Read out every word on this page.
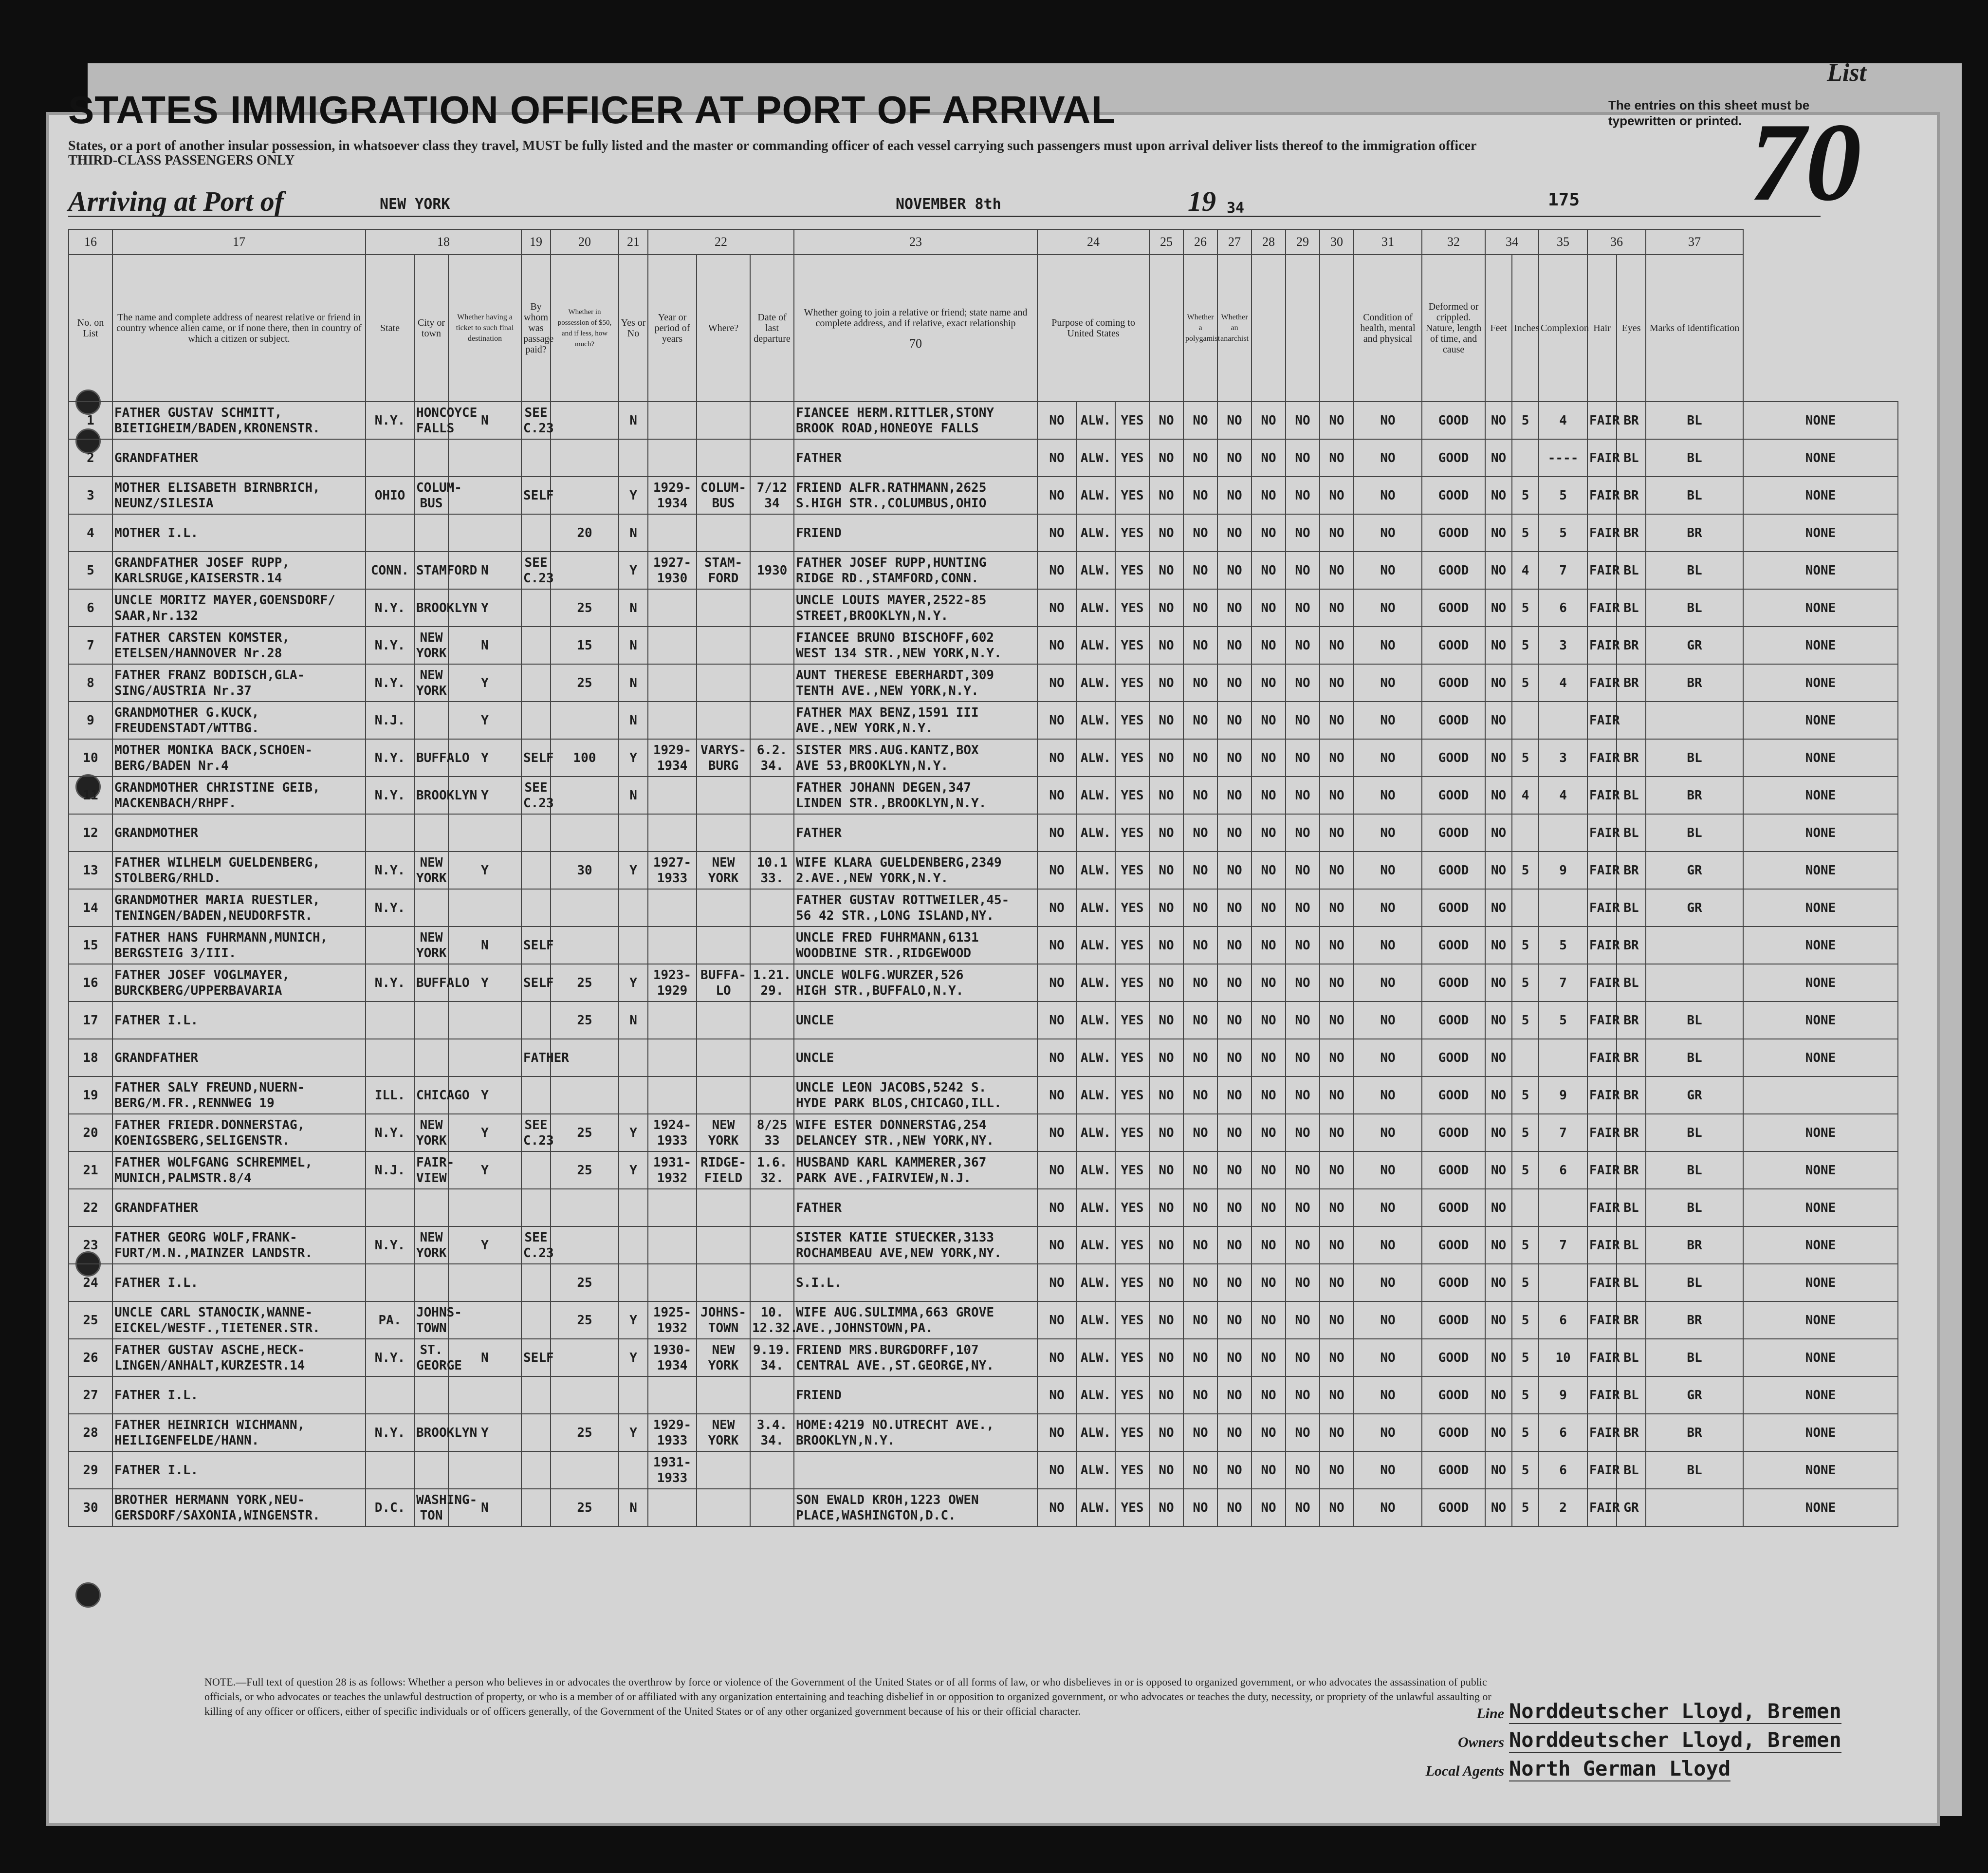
STATES IMMIGRATION OFFICER AT PORT OF ARRIVAL
States, or a port of another insular possession, in whatsoever class they travel, MUST be fully listed and the master or commanding officer of each vessel carrying such passengers must upon arrival deliver lists thereof to the immigration officer
THIRD-CLASS PASSENGERS ONLY
List
The entries on this sheet must be typewritten or printed. 70
Arriving at Port of	NEW YORK	NOVEMBER 8th	19 34	175
16	17	18			19	20	21	22			23	24			25	26	27	28	29	30	31	32	34		35	36		37	
No. on List	The name and complete address of nearest relative or friend in country whence alien came, or if none there, then in country of which a citizen or subject.	State	City or town	Whether having a ticket to such final destination	By whom was passage paid?	Whether in possession of $50, and if less, how much?	Yes or No	Year or period of years	Where?	Date of last departure	Whether going to join a relative or friend; state name and complete address, and if relative, exact relationship
70	Purpose of coming to United States				Whether a polygamist	Whether an anarchist				Condition of health, mental and physical	Deformed or crippled. Nature, length of time, and cause	Feet	Inches	Complexion	Hair	Eyes	Marks of identification	
1	FATHER GUSTAV SCHMITT,
BIETIGHEIM/BADEN,KRONENSTR.	N.Y.	HONCOYCE
FALLS	N	SEE C.23		N				FIANCEE HERM.RITTLER,STONY
BROOK ROAD,HONEOYE FALLS	NO	ALW.	YES	NO	NO	NO	NO	NO	NO	NO	GOOD	NO	5	4	FAIR	BR	BL	NONE
2	GRANDFATHER										FATHER	NO	ALW.	YES	NO	NO	NO	NO	NO	NO	NO	GOOD	NO		----	FAIR	BL	BL	NONE
3	MOTHER ELISABETH BIRNBRICH,
NEUNZ/SILESIA	OHIO	COLUM-
BUS		SELF		Y	1929-
1934	COLUM-
BUS	7/12
34	FRIEND ALFR.RATHMANN,2625
S.HIGH STR.,COLUMBUS,OHIO	NO	ALW.	YES	NO	NO	NO	NO	NO	NO	NO	GOOD	NO	5	5	FAIR	BR	BL	NONE
4	MOTHER I.L.					20	N				FRIEND	NO	ALW.	YES	NO	NO	NO	NO	NO	NO	NO	GOOD	NO	5	5	FAIR	BR	BR	NONE
5	GRANDFATHER JOSEF RUPP,
KARLSRUGE,KAISERSTR.14	CONN.	STAMFORD	N	SEE C.23		Y	1927-
1930	STAM-
FORD	1930	FATHER JOSEF RUPP,HUNTING
RIDGE RD.,STAMFORD,CONN.	NO	ALW.	YES	NO	NO	NO	NO	NO	NO	NO	GOOD	NO	4	7	FAIR	BL	BL	NONE
6	UNCLE MORITZ MAYER,GOENSDORF/
SAAR,Nr.132	N.Y.	BROOKLYN	Y		25	N				UNCLE LOUIS MAYER,2522-85
STREET,BROOKLYN,N.Y.	NO	ALW.	YES	NO	NO	NO	NO	NO	NO	NO	GOOD	NO	5	6	FAIR	BL	BL	NONE
7	FATHER CARSTEN KOMSTER,
ETELSEN/HANNOVER Nr.28	N.Y.	NEW YORK	N		15	N				FIANCEE BRUNO BISCHOFF,602
WEST 134 STR.,NEW YORK,N.Y.	NO	ALW.	YES	NO	NO	NO	NO	NO	NO	NO	GOOD	NO	5	3	FAIR	BR	GR	NONE
8	FATHER FRANZ BODISCH,GLA-
SING/AUSTRIA Nr.37	N.Y.	NEW YORK	Y		25	N				AUNT THERESE EBERHARDT,309
TENTH AVE.,NEW YORK,N.Y.	NO	ALW.	YES	NO	NO	NO	NO	NO	NO	NO	GOOD	NO	5	4	FAIR	BR	BR	NONE
9	GRANDMOTHER G.KUCK,
FREUDENSTADT/WTTBG.	N.J.		Y			N				FATHER MAX BENZ,1591 III
AVE.,NEW YORK,N.Y.	NO	ALW.	YES	NO	NO	NO	NO	NO	NO	NO	GOOD	NO			FAIR			NONE
10	MOTHER MONIKA BACK,SCHOEN-
BERG/BADEN Nr.4	N.Y.	BUFFALO	Y	SELF	100	Y	1929-
1934	VARYS-
BURG	6.2.
34.	SISTER MRS.AUG.KANTZ,BOX
AVE 53,BROOKLYN,N.Y.	NO	ALW.	YES	NO	NO	NO	NO	NO	NO	NO	GOOD	NO	5	3	FAIR	BR	BL	NONE
11	GRANDMOTHER CHRISTINE GEIB,
MACKENBACH/RHPF.	N.Y.	BROOKLYN	Y	SEE C.23		N				FATHER JOHANN DEGEN,347
LINDEN STR.,BROOKLYN,N.Y.	NO	ALW.	YES	NO	NO	NO	NO	NO	NO	NO	GOOD	NO	4	4	FAIR	BL	BR	NONE
12	GRANDMOTHER										FATHER	NO	ALW.	YES	NO	NO	NO	NO	NO	NO	NO	GOOD	NO			FAIR	BL	BL	NONE
13	FATHER WILHELM GUELDENBERG,
STOLBERG/RHLD.	N.Y.	NEW YORK	Y		30	Y	1927-
1933	NEW
YORK	10.1
33.	WIFE KLARA GUELDENBERG,2349
2.AVE.,NEW YORK,N.Y.	NO	ALW.	YES	NO	NO	NO	NO	NO	NO	NO	GOOD	NO	5	9	FAIR	BR	GR	NONE
14	GRANDMOTHER MARIA RUESTLER,
TENINGEN/BADEN,NEUDORFSTR.	N.Y.									FATHER GUSTAV ROTTWEILER,45-
56 42 STR.,LONG ISLAND,NY.	NO	ALW.	YES	NO	NO	NO	NO	NO	NO	NO	GOOD	NO			FAIR	BL	GR	NONE
15	FATHER HANS FUHRMANN,MUNICH,
BERGSTEIG 3/III.		NEW YORK	N	SELF						UNCLE FRED FUHRMANN,6131
WOODBINE STR.,RIDGEWOOD	NO	ALW.	YES	NO	NO	NO	NO	NO	NO	NO	GOOD	NO	5	5	FAIR	BR		NONE
16	FATHER JOSEF VOGLMAYER,
BURCKBERG/UPPERBAVARIA	N.Y.	BUFFALO	Y	SELF	25	Y	1923-
1929	BUFFA-
LO	1.21.
29.	UNCLE WOLFG.WURZER,526
HIGH STR.,BUFFALO,N.Y.	NO	ALW.	YES	NO	NO	NO	NO	NO	NO	NO	GOOD	NO	5	7	FAIR	BL		NONE
17	FATHER I.L.					25	N				UNCLE	NO	ALW.	YES	NO	NO	NO	NO	NO	NO	NO	GOOD	NO	5	5	FAIR	BR	BL	NONE
18	GRANDFATHER				FATHER						UNCLE	NO	ALW.	YES	NO	NO	NO	NO	NO	NO	NO	GOOD	NO			FAIR	BR	BL	NONE
19	FATHER SALY FREUND,NUERN-
BERG/M.FR.,RENNWEG 19	ILL.	CHICAGO	Y							UNCLE LEON JACOBS,5242 S.
HYDE PARK BLOS,CHICAGO,ILL.	NO	ALW.	YES	NO	NO	NO	NO	NO	NO	NO	GOOD	NO	5	9	FAIR	BR	GR	
20	FATHER FRIEDR.DONNERSTAG,
KOENIGSBERG,SELIGENSTR.	N.Y.	NEW YORK	Y	SEE C.23	25	Y	1924-
1933	NEW
YORK	8/25
33	WIFE ESTER DONNERSTAG,254
DELANCEY STR.,NEW YORK,NY.	NO	ALW.	YES	NO	NO	NO	NO	NO	NO	NO	GOOD	NO	5	7	FAIR	BR	BL	NONE
21	FATHER WOLFGANG SCHREMMEL,
MUNICH,PALMSTR.8/4	N.J.	FAIR-
VIEW	Y		25	Y	1931-
1932	RIDGE-
FIELD	1.6.
32.	HUSBAND KARL KAMMERER,367
PARK AVE.,FAIRVIEW,N.J.	NO	ALW.	YES	NO	NO	NO	NO	NO	NO	NO	GOOD	NO	5	6	FAIR	BR	BL	NONE
22	GRANDFATHER										FATHER	NO	ALW.	YES	NO	NO	NO	NO	NO	NO	NO	GOOD	NO			FAIR	BL	BL	NONE
23	FATHER GEORG WOLF,FRANK-
FURT/M.N.,MAINZER LANDSTR.	N.Y.	NEW YORK	Y	SEE C.23						SISTER KATIE STUECKER,3133
ROCHAMBEAU AVE,NEW YORK,NY.	NO	ALW.	YES	NO	NO	NO	NO	NO	NO	NO	GOOD	NO	5	7	FAIR	BL	BR	NONE
24	FATHER I.L.					25					S.I.L.	NO	ALW.	YES	NO	NO	NO	NO	NO	NO	NO	GOOD	NO	5		FAIR	BL	BL	NONE
25	UNCLE CARL STANOCIK,WANNE-
EICKEL/WESTF.,TIETENER.STR.	PA.	JOHNS-
TOWN			25	Y	1925-
1932	JOHNS-
TOWN	10.
12.32.	WIFE AUG.SULIMMA,663 GROVE
AVE.,JOHNSTOWN,PA.	NO	ALW.	YES	NO	NO	NO	NO	NO	NO	NO	GOOD	NO	5	6	FAIR	BR	BR	NONE
26	FATHER GUSTAV ASCHE,HECK-
LINGEN/ANHALT,KURZESTR.14	N.Y.	ST.
GEORGE	N	SELF		Y	1930-
1934	NEW
YORK	9.19.
34.	FRIEND MRS.BURGDORFF,107
CENTRAL AVE.,ST.GEORGE,NY.	NO	ALW.	YES	NO	NO	NO	NO	NO	NO	NO	GOOD	NO	5	10	FAIR	BL	BL	NONE
27	FATHER I.L.										FRIEND	NO	ALW.	YES	NO	NO	NO	NO	NO	NO	NO	GOOD	NO	5	9	FAIR	BL	GR	NONE
28	FATHER HEINRICH WICHMANN,
HEILIGENFELDE/HANN.	N.Y.	BROOKLYN	Y		25	Y	1929-
1933	NEW
YORK	3.4.
34.	HOME:4219 NO.UTRECHT AVE.,
BROOKLYN,N.Y.	NO	ALW.	YES	NO	NO	NO	NO	NO	NO	NO	GOOD	NO	5	6	FAIR	BR	BR	NONE
29	FATHER I.L.							1931-
1933				NO	ALW.	YES	NO	NO	NO	NO	NO	NO	NO	GOOD	NO	5	6	FAIR	BL	BL	NONE
30	BROTHER HERMANN YORK,NEU-
GERSDORF/SAXONIA,WINGENSTR.	D.C.	WASHING-
TON	N		25	N				SON EWALD KROH,1223 OWEN
PLACE,WASHINGTON,D.C.	NO	ALW.	YES	NO	NO	NO	NO	NO	NO	NO	GOOD	NO	5	2	FAIR	GR		NONE
NOTE.—Full text of question 28 is as follows: Whether a person who believes in or advocates the overthrow by force or violence of the Government of the United States or of all forms of law, or who disbelieves in or is opposed to organized government, or who advocates the assassination of public officials, or who advocates or teaches the unlawful destruction of property, or who is a member of or affiliated with any organization entertaining and teaching disbelief in or opposition to organized government, or who advocates or teaches the duty, necessity, or propriety of the unlawful assaulting or killing of any officer or officers, either of specific individuals or of officers generally, of the Government of the United States or of any other organized government because of his or their official character.	Line Norddeutscher Lloyd, Bremen
Owners Norddeutscher Lloyd, Bremen
Local Agents North German Lloyd
